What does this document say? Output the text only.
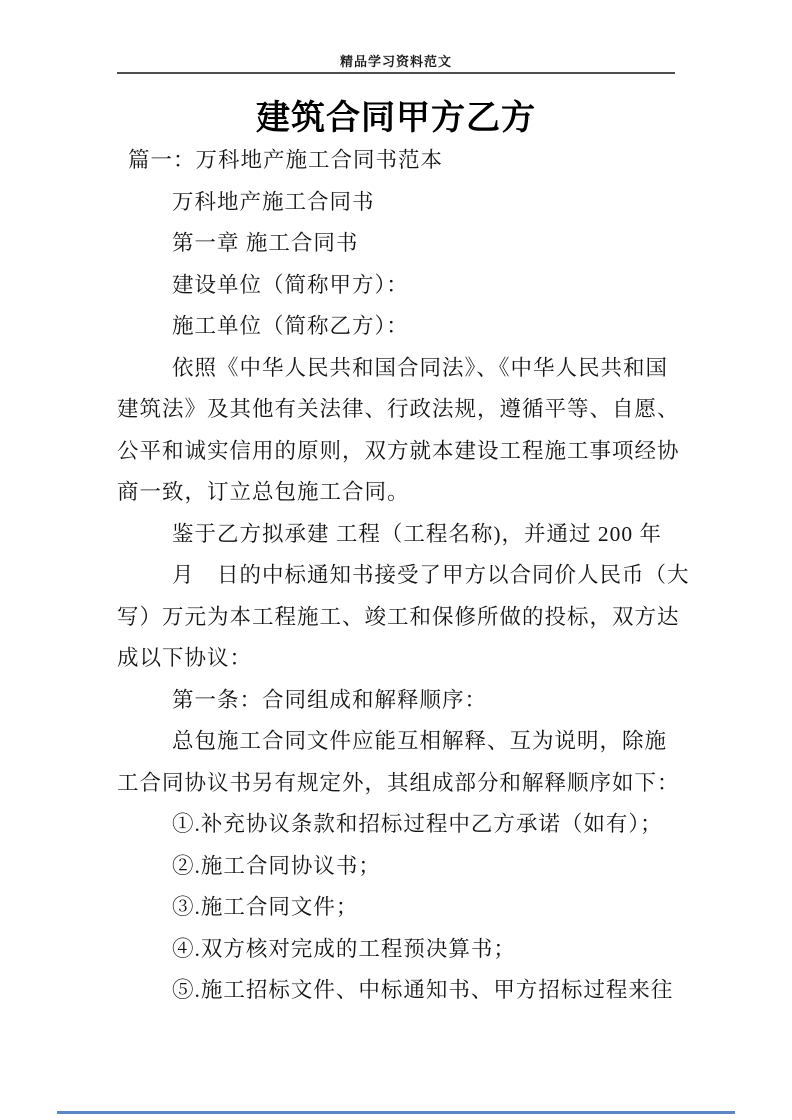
精品学习资料范文
建筑合同甲方乙方
篇一：万科地产施工合同书范本
万科地产施工合同书
第一章 施工合同书
建设单位（简称甲方）：
施工单位（简称乙方）：
依照《中华人民共和国合同法》、《中华人民共和国
建筑法》及其他有关法律、行政法规，遵循平等、自愿、
公平和诚实信用的原则，双方就本建设工程施工事项经协
商一致，订立总包施工合同。
鉴于乙方拟承建 工程（工程名称)，并通过 200 年
月　日的中标通知书接受了甲方以合同价人民币（大
写）万元为本工程施工、竣工和保修所做的投标，双方达
成以下协议：
第一条：合同组成和解释顺序：
总包施工合同文件应能互相解释、互为说明，除施
工合同协议书另有规定外，其组成部分和解释顺序如下：
①.补充协议条款和招标过程中乙方承诺（如有）；
②.施工合同协议书；
③.施工合同文件；
④.双方核对完成的工程预决算书；
⑤.施工招标文件、中标通知书、甲方招标过程来往
